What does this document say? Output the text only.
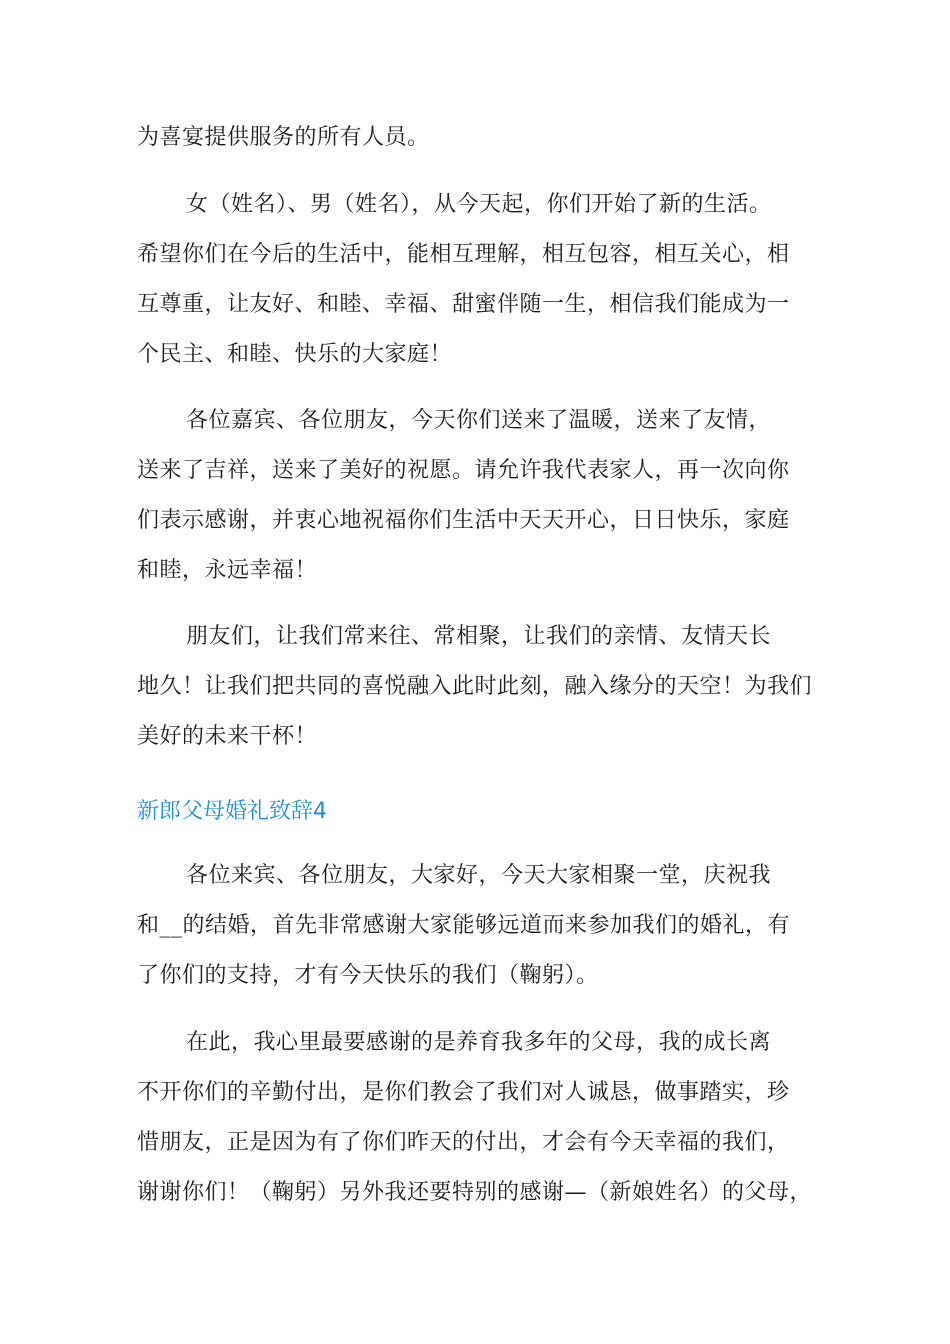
为喜宴提供服务的所有人员。
女（姓名）、男（姓名），从今天起，你们开始了新的生活。
希望你们在今后的生活中，能相互理解，相互包容，相互关心，相
互尊重，让友好、和睦、幸福、甜蜜伴随一生，相信我们能成为一
个民主、和睦、快乐的大家庭！
各位嘉宾、各位朋友，今天你们送来了温暖，送来了友情，
送来了吉祥，送来了美好的祝愿。请允许我代表家人，再一次向你
们表示感谢，并衷心地祝福你们生活中天天开心，日日快乐，家庭
和睦，永远幸福！
朋友们，让我们常来往、常相聚，让我们的亲情、友情天长
地久！让我们把共同的喜悦融入此时此刻，融入缘分的天空！为我们
美好的未来干杯！
新郎父母婚礼致辞4
各位来宾、各位朋友，大家好，今天大家相聚一堂，庆祝我
和__的结婚，首先非常感谢大家能够远道而来参加我们的婚礼，有
了你们的支持，才有今天快乐的我们（鞠躬）。
在此，我心里最要感谢的是养育我多年的父母，我的成长离
不开你们的辛勤付出，是你们教会了我们对人诚恳，做事踏实，珍
惜朋友，正是因为有了你们昨天的付出，才会有今天幸福的我们，
谢谢你们！（鞠躬）另外我还要特别的感谢—（新娘姓名）的父母，
